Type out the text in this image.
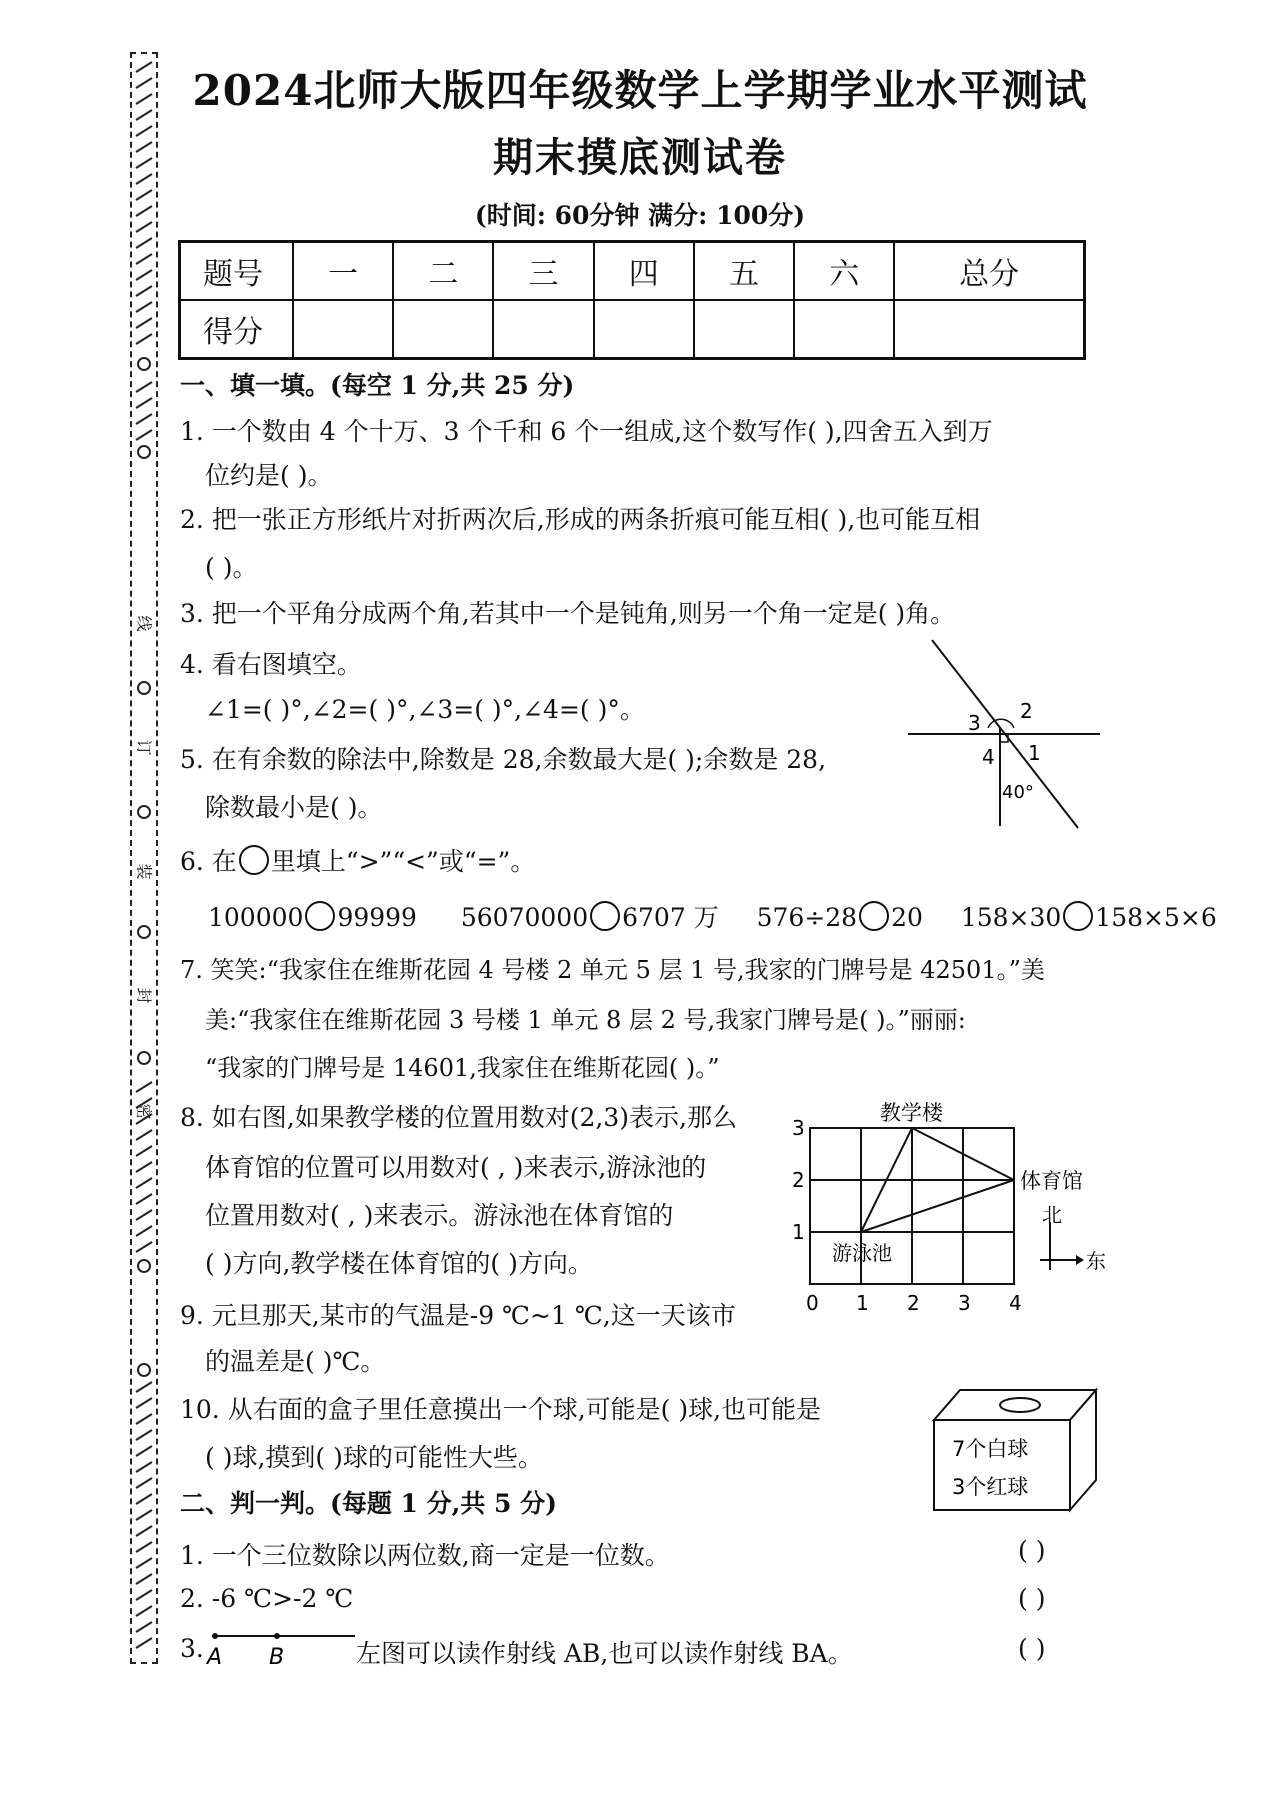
2024北师大版四年级数学上学期学业水平测试
期末摸底测试卷
(时间: 60分钟 满分: 100分)
线
订
装
封
密
题号	一	二	三	四	五	六	总分
得分							
一、填一填。(每空 1 分,共 25 分)
1. 一个数由 4 个十万、3 个千和 6 个一组成,这个数写作( ),四舍五入到万
位约是( )。
2. 把一张正方形纸片对折两次后,形成的两条折痕可能互相( ),也可能互相
( )。
3. 把一个平角分成两个角,若其中一个是钝角,则另一个角一定是( )角。
4. 看右图填空。
∠1=( )°,∠2=( )°,∠3=( )°,∠4=( )°。
5. 在有余数的除法中,除数是 28,余数最大是( );余数是 28,
除数最小是( )。
6. 在 里填上“>”“<”或“=”。
100000 99999 56070000 6707 万 576÷28 20 158×30 158×5×6
7. 笑笑:“我家住在维斯花园 4 号楼 2 单元 5 层 1 号,我家的门牌号是 42501。”美
美:“我家住在维斯花园 3 号楼 1 单元 8 层 2 号,我家门牌号是( )。”丽丽:
“我家的门牌号是 14601,我家住在维斯花园( )。”
8. 如右图,如果教学楼的位置用数对(2,3)表示,那么
体育馆的位置可以用数对( , )来表示,游泳池的
位置用数对( , )来表示。游泳池在体育馆的
( )方向,教学楼在体育馆的( )方向。
9. 元旦那天,某市的气温是-9 ℃~1 ℃,这一天该市
的温差是( )℃。
10. 从右面的盒子里任意摸出一个球,可能是( )球,也可能是
( )球,摸到( )球的可能性大些。
2
3
4 1
40°
教学楼
体育馆
游泳池
0 1 2 3 4
1
2
3
北
东
7个白球
3个红球
二、判一判。(每题 1 分,共 5 分)
1. 一个三位数除以两位数,商一定是一位数。	( )
2. -6 ℃>-2 ℃	( )
3. A B	左图可以读作射线 AB,也可以读作射线 BA。	( )
